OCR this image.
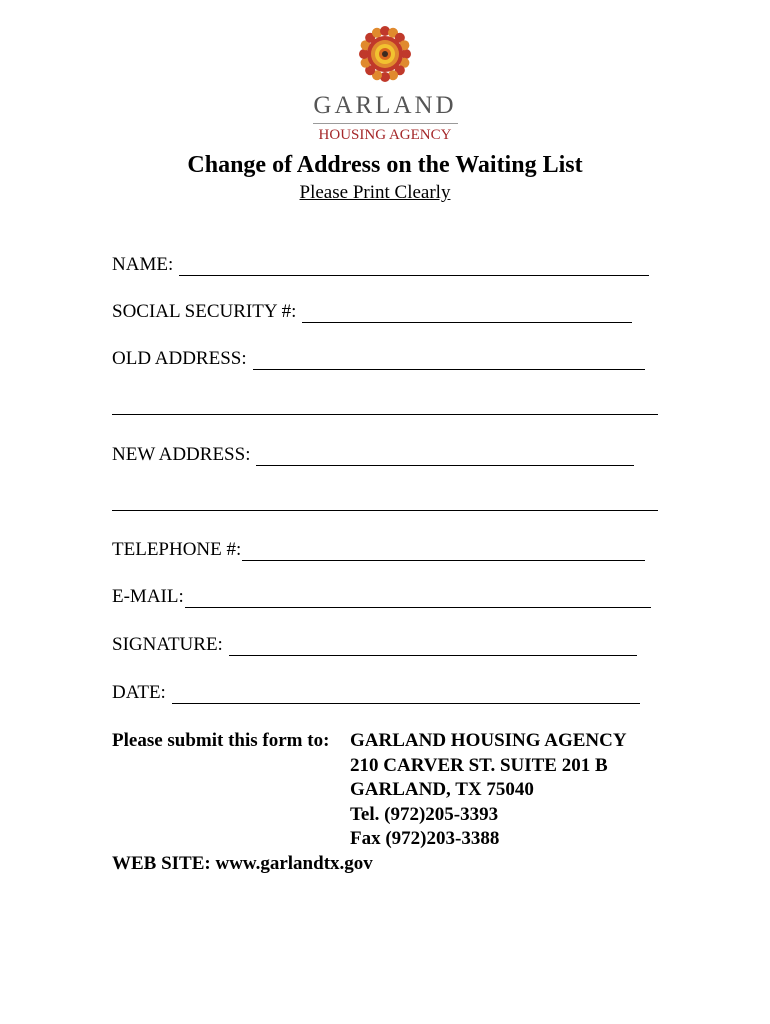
GARLAND
HOUSING AGENCY
Change of Address on the Waiting List
Please Print Clearly
NAME:
SOCIAL SECURITY #:
OLD ADDRESS:
NEW ADDRESS:
TELEPHONE #:
E-MAIL:
SIGNATURE:
DATE:
Please submit this form to:	GARLAND HOUSING AGENCY
210 CARVER ST. SUITE 201 B
GARLAND, TX 75040
Tel. (972)205-3393
Fax (972)203-3388
WEB SITE: www.garlandtx.gov
